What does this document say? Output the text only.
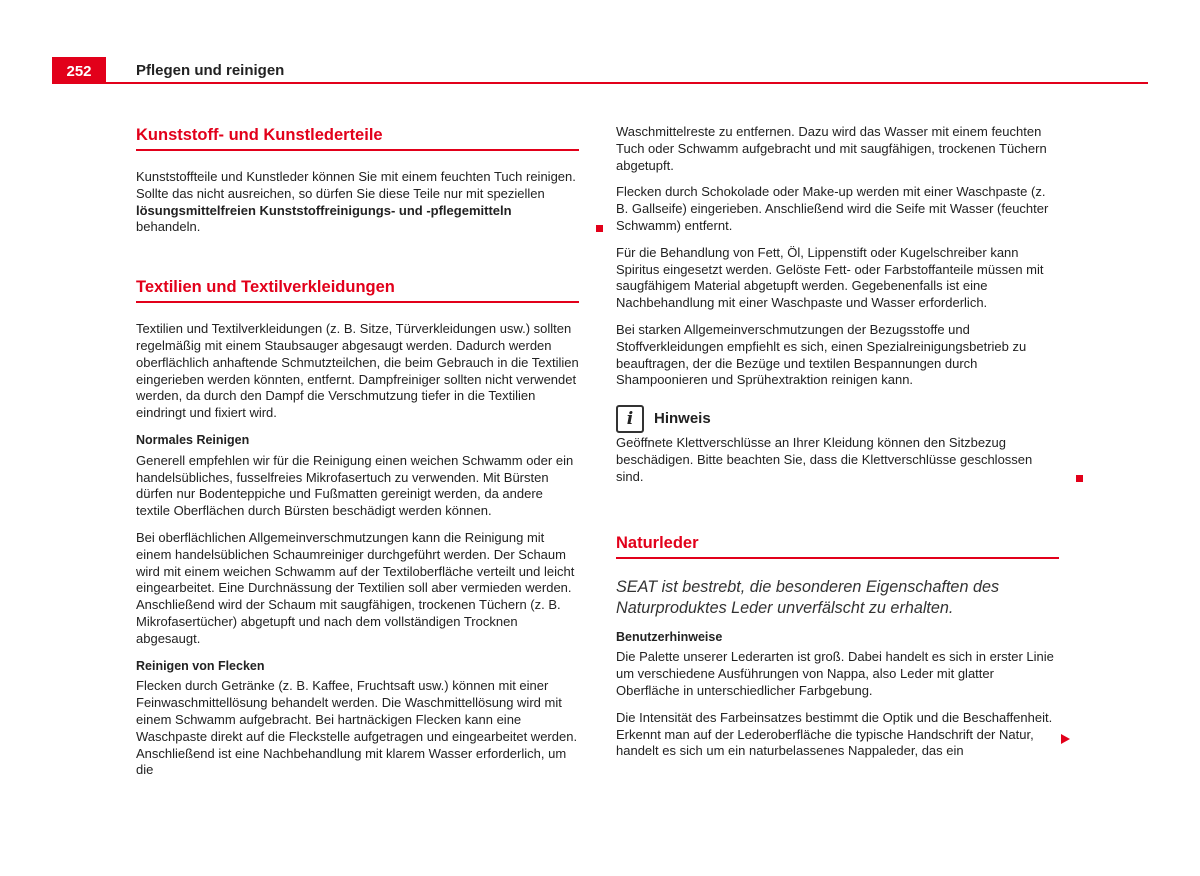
252	Pflegen und reinigen
Kunststoff- und Kunstlederteile

Kunststoffteile und Kunstleder können Sie mit einem feuchten Tuch reinigen. Sollte das nicht ausreichen, so dürfen Sie diese Teile nur mit speziellen lösungsmittelfreien Kunststoffreinigungs- und -pflegemitteln behandeln.

Textilien und Textilverkleidungen

Textilien und Textilverkleidungen (z. B. Sitze, Türverkleidungen usw.) sollten regelmäßig mit einem Staubsauger abgesaugt werden. Dadurch werden oberflächlich anhaftende Schmutzteilchen, die beim Gebrauch in die Textilien eingerieben werden könnten, entfernt. Dampfreiniger sollten nicht verwendet werden, da durch den Dampf die Verschmutzung tiefer in die Textilien eindringt und fixiert wird.

Normales Reinigen

Generell empfehlen wir für die Reinigung einen weichen Schwamm oder ein handelsübliches, fusselfreies Mikrofasertuch zu verwenden. Mit Bürsten dürfen nur Bodenteppiche und Fußmatten gereinigt werden, da andere textile Oberflächen durch Bürsten beschädigt werden können.

Bei oberflächlichen Allgemeinverschmutzungen kann die Reinigung mit einem handelsüblichen Schaumreiniger durchgeführt werden. Der Schaum wird mit einem weichen Schwamm auf der Textiloberfläche verteilt und leicht eingearbeitet. Eine Durchnässung der Textilien soll aber vermieden werden. Anschließend wird der Schaum mit saugfähigen, trockenen Tüchern (z. B. Mikrofasertücher) abgetupft und nach dem vollständigen Trocknen abgesaugt.

Reinigen von Flecken

Flecken durch Getränke (z. B. Kaffee, Fruchtsaft usw.) können mit einer Feinwaschmittellösung behandelt werden. Die Waschmittellösung wird mit einem Schwamm aufgebracht. Bei hartnäckigen Flecken kann eine Waschpaste direkt auf die Fleckstelle aufgetragen und eingearbeitet werden. Anschließend ist eine Nachbehandlung mit klarem Wasser erforderlich, um die

Waschmittelreste zu entfernen. Dazu wird das Wasser mit einem feuchten Tuch oder Schwamm aufgebracht und mit saugfähigen, trockenen Tüchern abgetupft.

Flecken durch Schokolade oder Make-up werden mit einer Waschpaste (z. B. Gallseife) eingerieben. Anschließend wird die Seife mit Wasser (feuchter Schwamm) entfernt.

Für die Behandlung von Fett, Öl, Lippenstift oder Kugelschreiber kann Spiritus eingesetzt werden. Gelöste Fett- oder Farbstoffanteile müssen mit saugfähigem Material abgetupft werden. Gegebenenfalls ist eine Nachbehandlung mit einer Waschpaste und Wasser erforderlich.

Bei starken Allgemeinverschmutzungen der Bezugsstoffe und Stoffverkleidungen empfiehlt es sich, einen Spezialreinigungsbetrieb zu beauftragen, der die Bezüge und textilen Bespannungen durch Shampoonieren und Sprühextraktion reinigen kann.

i	Hinweis

Geöffnete Klettverschlüsse an Ihrer Kleidung können den Sitzbezug beschädigen. Bitte beachten Sie, dass die Klettverschlüsse geschlossen sind.

Naturleder

SEAT ist bestrebt, die besonderen Eigenschaften des Naturproduktes Leder unverfälscht zu erhalten.

Benutzerhinweise

Die Palette unserer Lederarten ist groß. Dabei handelt es sich in erster Linie um verschiedene Ausführungen von Nappa, also Leder mit glatter Oberfläche in unterschiedlicher Farbgebung.

Die Intensität des Farbeinsatzes bestimmt die Optik und die Beschaffenheit. Erkennt man auf der Lederoberfläche die typische Handschrift der Natur, handelt es sich um ein naturbelassenes Nappaleder, das ein
